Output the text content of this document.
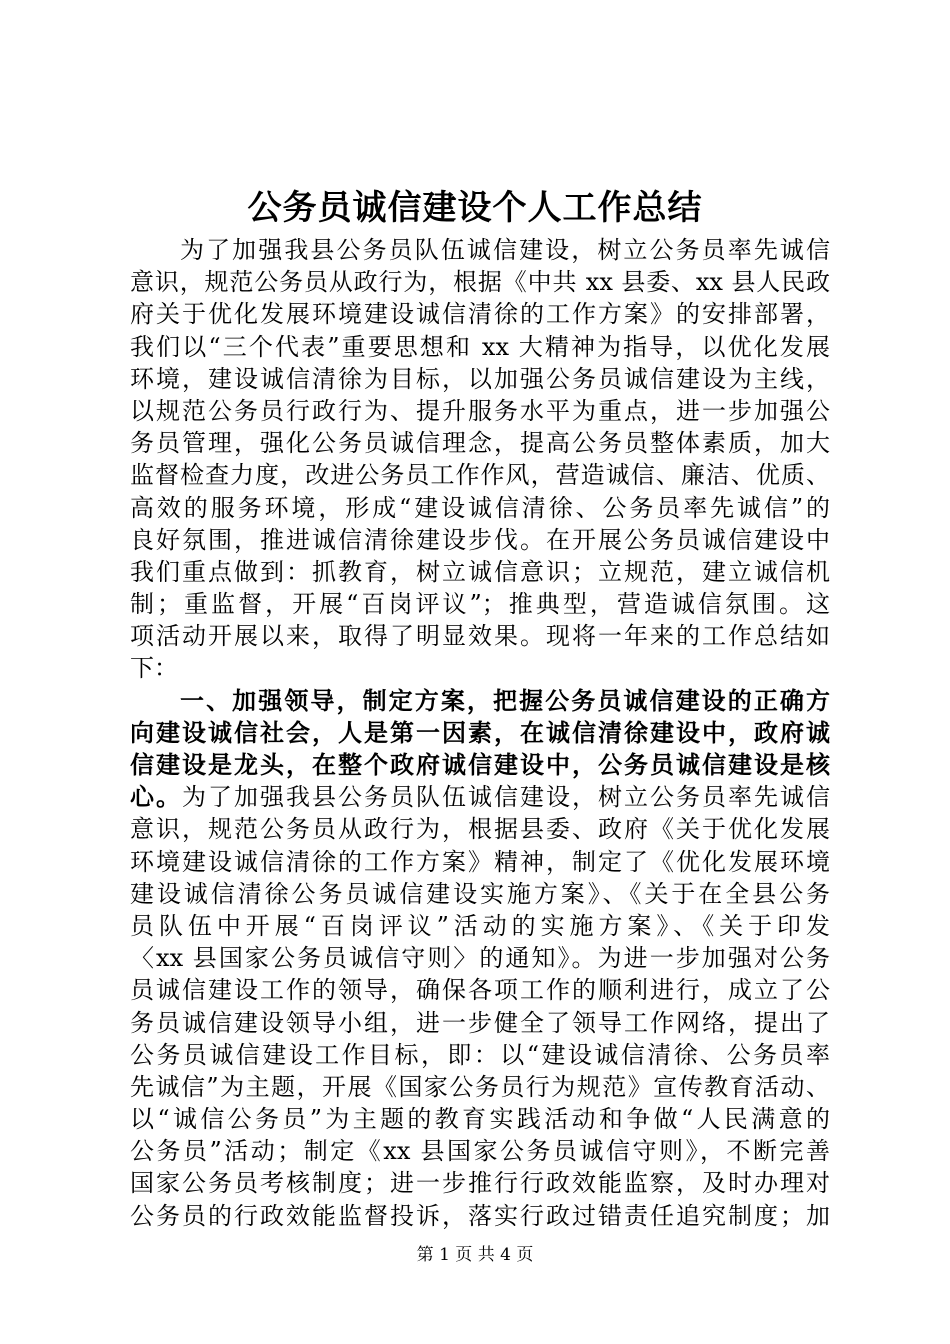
公务员诚信建设个人工作总结
为了加强我县公务员队伍诚信建设，树立公务员率先诚信
意识，规范公务员从政行为，根据《中共 xx 县委、xx 县人民政
府关于优化发展环境建设诚信清徐的工作方案》的安排部署，
我们以“三个代表”重要思想和 xx 大精神为指导，以优化发展
环境，建设诚信清徐为目标，以加强公务员诚信建设为主线，
以规范公务员行政行为、提升服务水平为重点，进一步加强公
务员管理，强化公务员诚信理念，提高公务员整体素质，加大
监督检查力度，改进公务员工作作风，营造诚信、廉洁、优质、
高效的服务环境，形成“建设诚信清徐、公务员率先诚信”的
良好氛围，推进诚信清徐建设步伐。在开展公务员诚信建设中
我们重点做到：抓教育，树立诚信意识；立规范，建立诚信机
制；重监督，开展“百岗评议”；推典型，营造诚信氛围。这
项活动开展以来，取得了明显效果。现将一年来的工作总结如
下：
一、加强领导，制定方案，把握公务员诚信建设的正确方
向建设诚信社会，人是第一因素，在诚信清徐建设中，政府诚
信建设是龙头，在整个政府诚信建设中，公务员诚信建设是核
心。为了加强我县公务员队伍诚信建设，树立公务员率先诚信
意识，规范公务员从政行为，根据县委、政府《关于优化发展
环境建设诚信清徐的工作方案》精神，制定了《优化发展环境
建设诚信清徐公务员诚信建设实施方案》、《关于在全县公务
员队伍中开展“百岗评议”活动的实施方案》、《关于印发
〈xx 县国家公务员诚信守则〉的通知》。为进一步加强对公务
员诚信建设工作的领导，确保各项工作的顺利进行，成立了公
务员诚信建设领导小组，进一步健全了领导工作网络，提出了
公务员诚信建设工作目标，即：以“建设诚信清徐、公务员率
先诚信”为主题，开展《国家公务员行为规范》宣传教育活动、
以“诚信公务员”为主题的教育实践活动和争做“人民满意的
公务员”活动；制定《xx 县国家公务员诚信守则》，不断完善
国家公务员考核制度；进一步推行行政效能监察，及时办理对
公务员的行政效能监督投诉，落实行政过错责任追究制度；加
第 1 页 共 4 页
